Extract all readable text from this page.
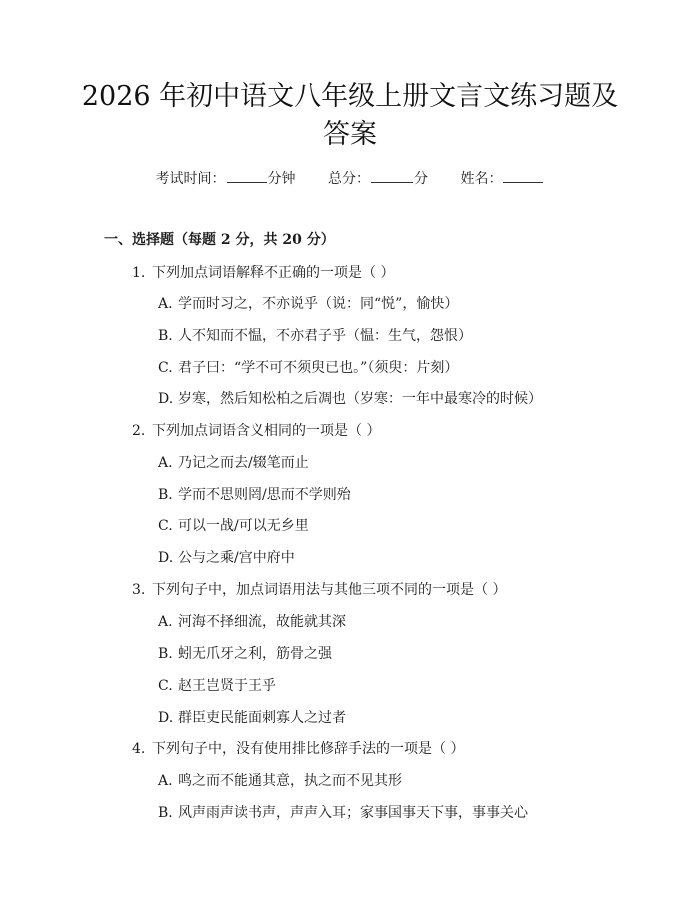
2026 年初中语文八年级上册文言文练习题及
答案
考试时间：	分钟 总分：	分 姓名：
一、选择题（每题 2 分，共 20 分）
1. 下列加点词语解释不正确的一项是（ ）
A. 学而时习之，不亦说乎（说：同“悦”，愉快）
B. 人不知而不愠，不亦君子乎（愠：生气，怨恨）
C. 君子曰：“学不可不须臾已也。”（须臾：片刻）
D. 岁寒，然后知松柏之后凋也（岁寒：一年中最寒冷的时候）
2. 下列加点词语含义相同的一项是（ ）
A. 乃记之而去/辍笔而止
B. 学而不思则罔/思而不学则殆
C. 可以一战/可以无乡里
D. 公与之乘/宫中府中
3. 下列句子中，加点词语用法与其他三项不同的一项是（ ）
A. 河海不择细流，故能就其深
B. 蚓无爪牙之利，筋骨之强
C. 赵王岂贤于王乎
D. 群臣吏民能面刺寡人之过者
4. 下列句子中，没有使用排比修辞手法的一项是（ ）
A. 鸣之而不能通其意，执之而不见其形
B. 风声雨声读书声，声声入耳；家事国事天下事，事事关心
